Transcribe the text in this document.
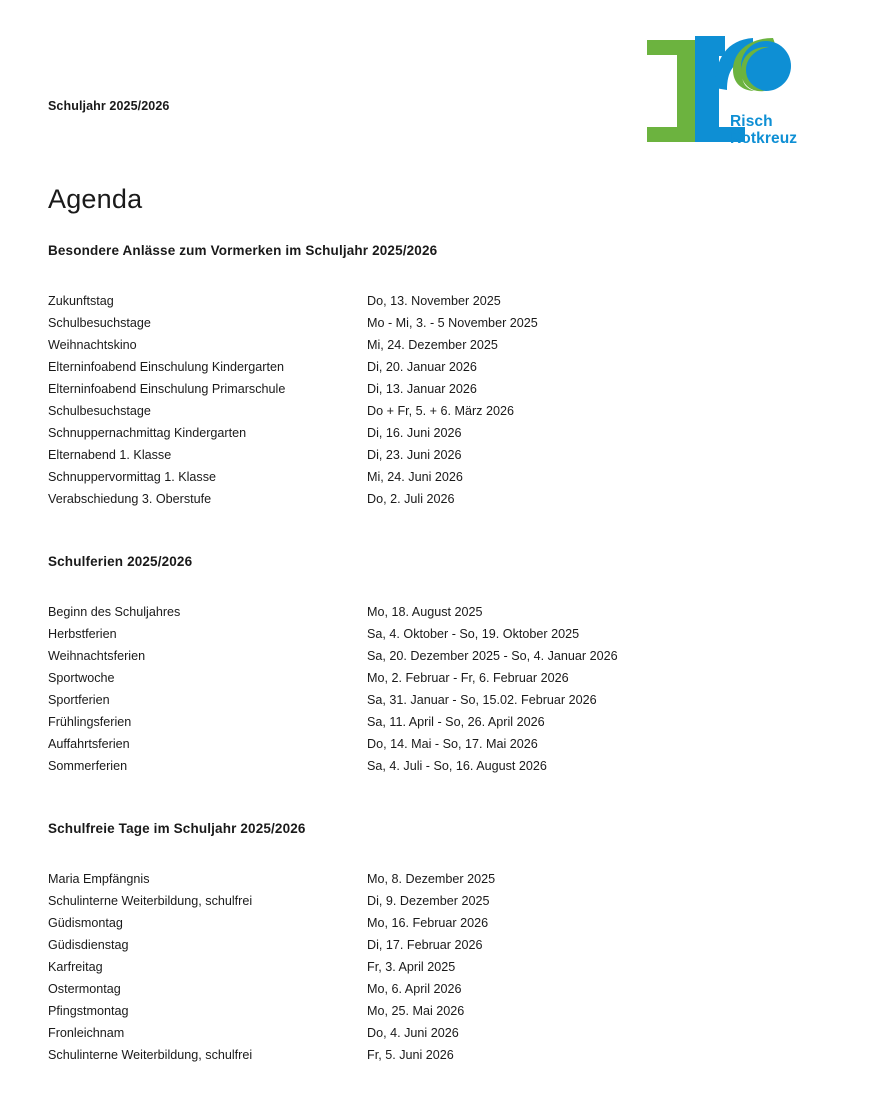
Risch
Rotkreuz
Schuljahr 2025/2026
Agenda
Besondere Anlässe zum Vormerken im Schuljahr 2025/2026
Zukunftstag	Do, 13. November 2025
Schulbesuchstage	Mo - Mi, 3. - 5 November 2025
Weihnachtskino	Mi, 24. Dezember 2025
Elterninfoabend Einschulung Kindergarten	Di, 20. Januar 2026
Elterninfoabend Einschulung Primarschule	Di, 13. Januar 2026
Schulbesuchstage	Do + Fr, 5. + 6. März 2026
Schnuppernachmittag Kindergarten	Di, 16. Juni 2026
Elternabend 1. Klasse	Di, 23. Juni 2026
Schnuppervormittag 1. Klasse	Mi, 24. Juni 2026
Verabschiedung 3. Oberstufe	Do, 2. Juli 2026
Schulferien 2025/2026
Beginn des Schuljahres	Mo, 18. August 2025
Herbstferien	Sa, 4. Oktober - So, 19. Oktober 2025
Weihnachtsferien	Sa, 20. Dezember 2025 - So, 4. Januar 2026
Sportwoche	Mo, 2. Februar - Fr, 6. Februar 2026
Sportferien	Sa, 31. Januar - So, 15.02. Februar 2026
Frühlingsferien	Sa, 11. April - So, 26. April 2026
Auffahrtsferien	Do, 14. Mai - So, 17. Mai 2026
Sommerferien	Sa, 4. Juli - So, 16. August 2026
Schulfreie Tage im Schuljahr 2025/2026
Maria Empfängnis	Mo, 8. Dezember 2025
Schulinterne Weiterbildung, schulfrei	Di, 9. Dezember 2025
Güdismontag	Mo, 16. Februar 2026
Güdisdienstag	Di, 17. Februar 2026
Karfreitag	Fr, 3. April 2025
Ostermontag	Mo, 6. April 2026
Pfingstmontag	Mo, 25. Mai 2026
Fronleichnam	Do, 4. Juni 2026
Schulinterne Weiterbildung, schulfrei	Fr, 5. Juni 2026
